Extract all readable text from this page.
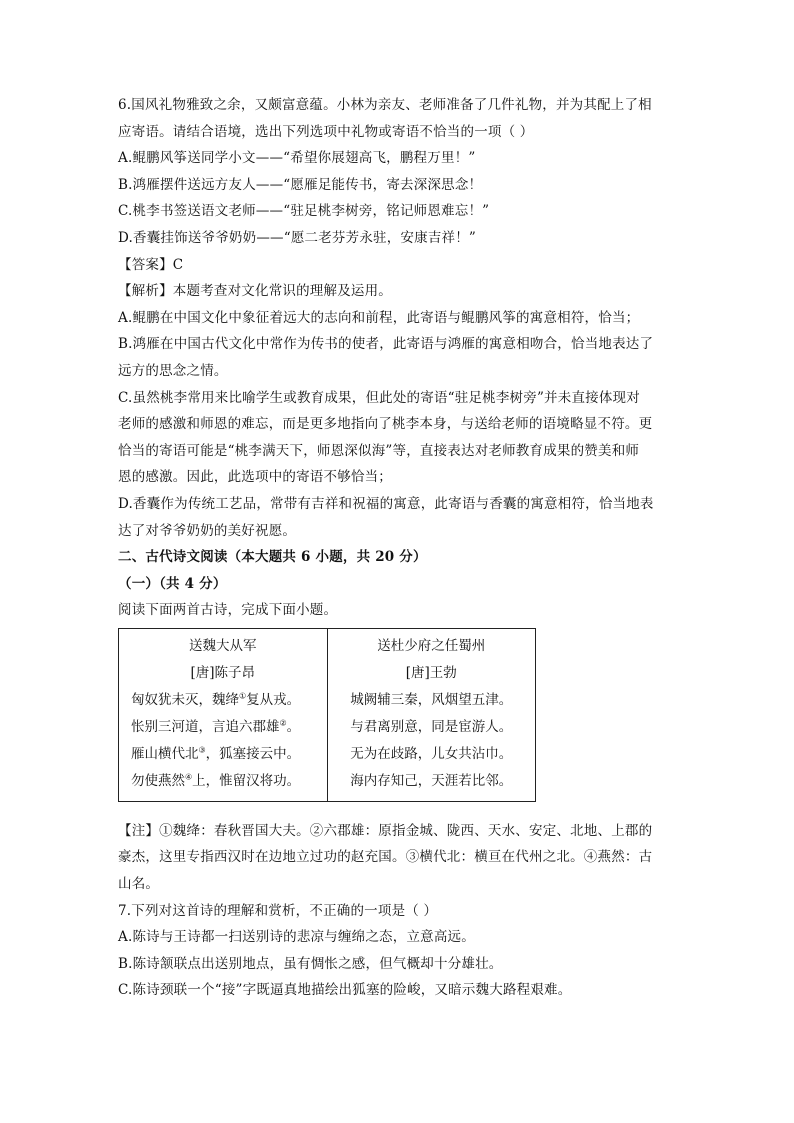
6.国风礼物雅致之余，又颇富意蕴。小林为亲友、老师准备了几件礼物，并为其配上了相
应寄语。请结合语境，选出下列选项中礼物或寄语不恰当的一项（ ）
A.鲲鹏风筝送同学小文——“希望你展翅高飞，鹏程万里！”
B.鸿雁摆件送远方友人——“愿雁足能传书，寄去深深思念！
C.桃李书签送语文老师——“驻足桃李树旁，铭记师恩难忘！”
D.香囊挂饰送爷爷奶奶——“愿二老芬芳永驻，安康吉祥！”
【答案】C
【解析】本题考查对文化常识的理解及运用。
A.鲲鹏在中国文化中象征着远大的志向和前程，此寄语与鲲鹏风筝的寓意相符，恰当；
B.鸿雁在中国古代文化中常作为传书的使者，此寄语与鸿雁的寓意相吻合，恰当地表达了
远方的思念之情。
C.虽然桃李常用来比喻学生或教育成果，但此处的寄语“驻足桃李树旁”并未直接体现对
老师的感激和师恩的难忘，而是更多地指向了桃李本身，与送给老师的语境略显不符。更
恰当的寄语可能是“桃李满天下，师恩深似海”等，直接表达对老师教育成果的赞美和师
恩的感激。因此，此选项中的寄语不够恰当；
D.香囊作为传统工艺品，常带有吉祥和祝福的寓意，此寄语与香囊的寓意相符，恰当地表
达了对爷爷奶奶的美好祝愿。
二、古代诗文阅读（本大题共 6 小题，共 20 分）
（一）（共 4 分）
阅读下面两首古诗，完成下面小题。
送魏大从军
[唐]陈子昂
匈奴犹未灭，魏绛①复从戎。
怅别三河道，言追六郡雄②。
雁山横代北③，狐塞接云中。
勿使燕然④上，惟留汉将功。

送杜少府之任蜀州
[唐]王勃
城阙辅三秦，风烟望五津。
与君离别意，同是宦游人。
无为在歧路，儿女共沾巾。
海内存知己，天涯若比邻。
【注】①魏绛：春秋晋国大夫。②六郡雄：原指金城、陇西、天水、安定、北地、上郡的
豪杰，这里专指西汉时在边地立过功的赵充国。③横代北：横亘在代州之北。④燕然：古
山名。
7.下列对这首诗的理解和赏析，不正确的一项是（ ）
A.陈诗与王诗都一扫送别诗的悲凉与缠绵之态，立意高远。
B.陈诗颔联点出送别地点，虽有惆怅之感，但气概却十分雄壮。
C.陈诗颈联一个“接”字既逼真地描绘出狐塞的险峻，又暗示魏大路程艰难。
